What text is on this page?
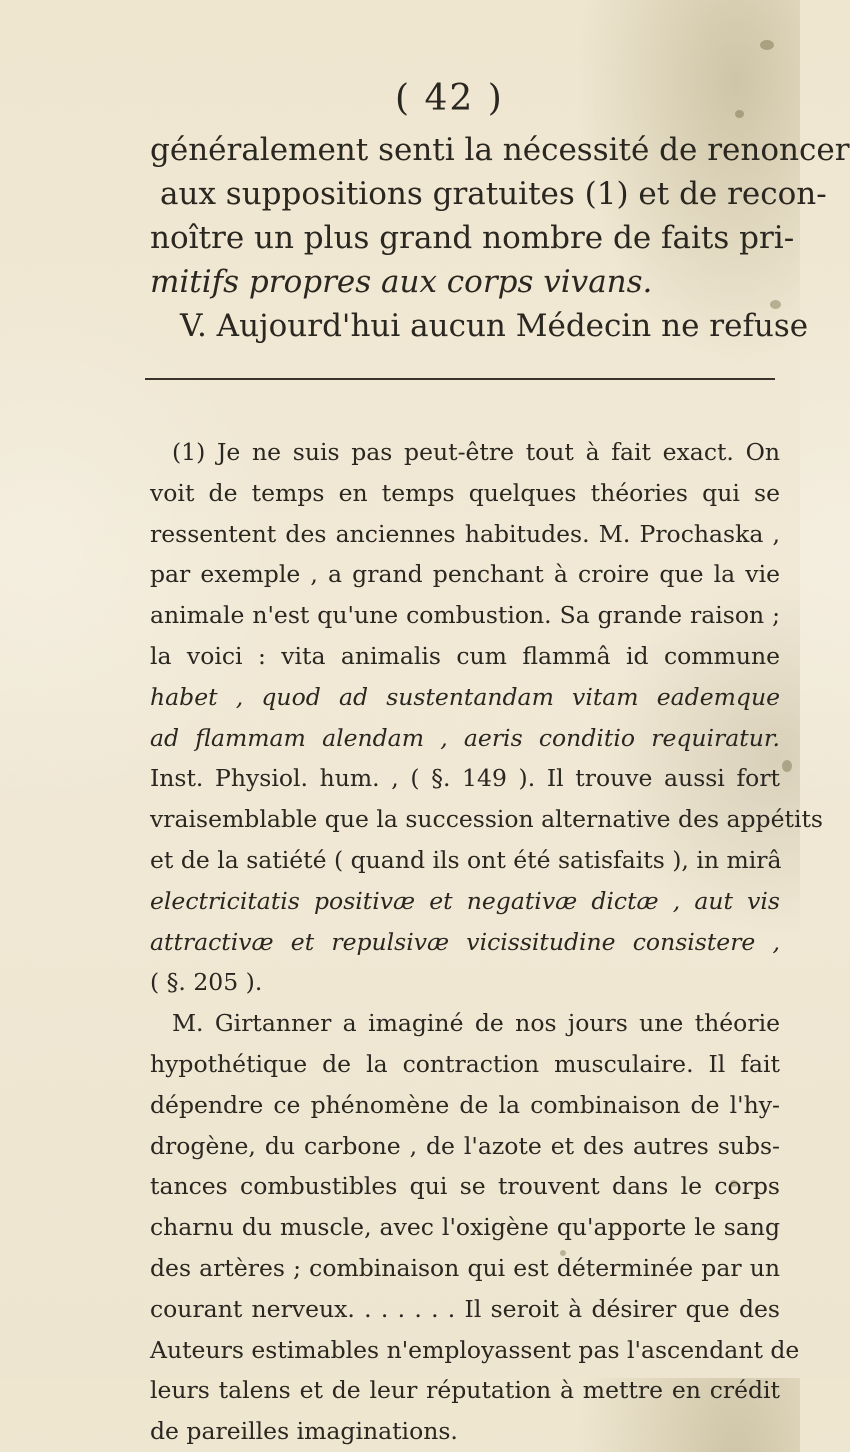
( 42 )
généralement senti la nécessité de renoncer
aux suppositions gratuites (1) et de recon-
noître un plus grand nombre de faits pri-
mitifs propres aux corps vivans.
V. Aujourd'hui aucun Médecin ne refuse
(1) Je ne suis pas peut-être tout à fait exact. On
voit de temps en temps quelques théories qui se
ressentent des anciennes habitudes. M. Prochaska ,
par exemple , a grand penchant à croire que la vie
animale n'est qu'une combustion. Sa grande raison ;
la voici : vita animalis cum flammâ id commune
habet , quod ad sustentandam vitam eademque
ad flammam alendam , aeris conditio requiratur.
Inst. Physiol. hum. , ( §. 149 ). Il trouve aussi fort
vraisemblable que la succession alternative des appétits
et de la satiété ( quand ils ont été satisfaits ), in mirâ
electricitatis positivæ et negativæ dictæ , aut vis
attractivæ et repulsivæ vicissitudine consistere ,
( §. 205 ).
M. Girtanner a imaginé de nos jours une théorie
hypothétique de la contraction musculaire. Il fait
dépendre ce phénomène de la combinaison de l'hy-
drogène, du carbone , de l'azote et des autres subs-
tances combustibles qui se trouvent dans le corps
charnu du muscle, avec l'oxigène qu'apporte le sang
des artères ; combinaison qui est déterminée par un
courant nerveux. . . . . . . Il seroit à désirer que des
Auteurs estimables n'employassent pas l'ascendant de
leurs talens et de leur réputation à mettre en crédit
de pareilles imaginations.
